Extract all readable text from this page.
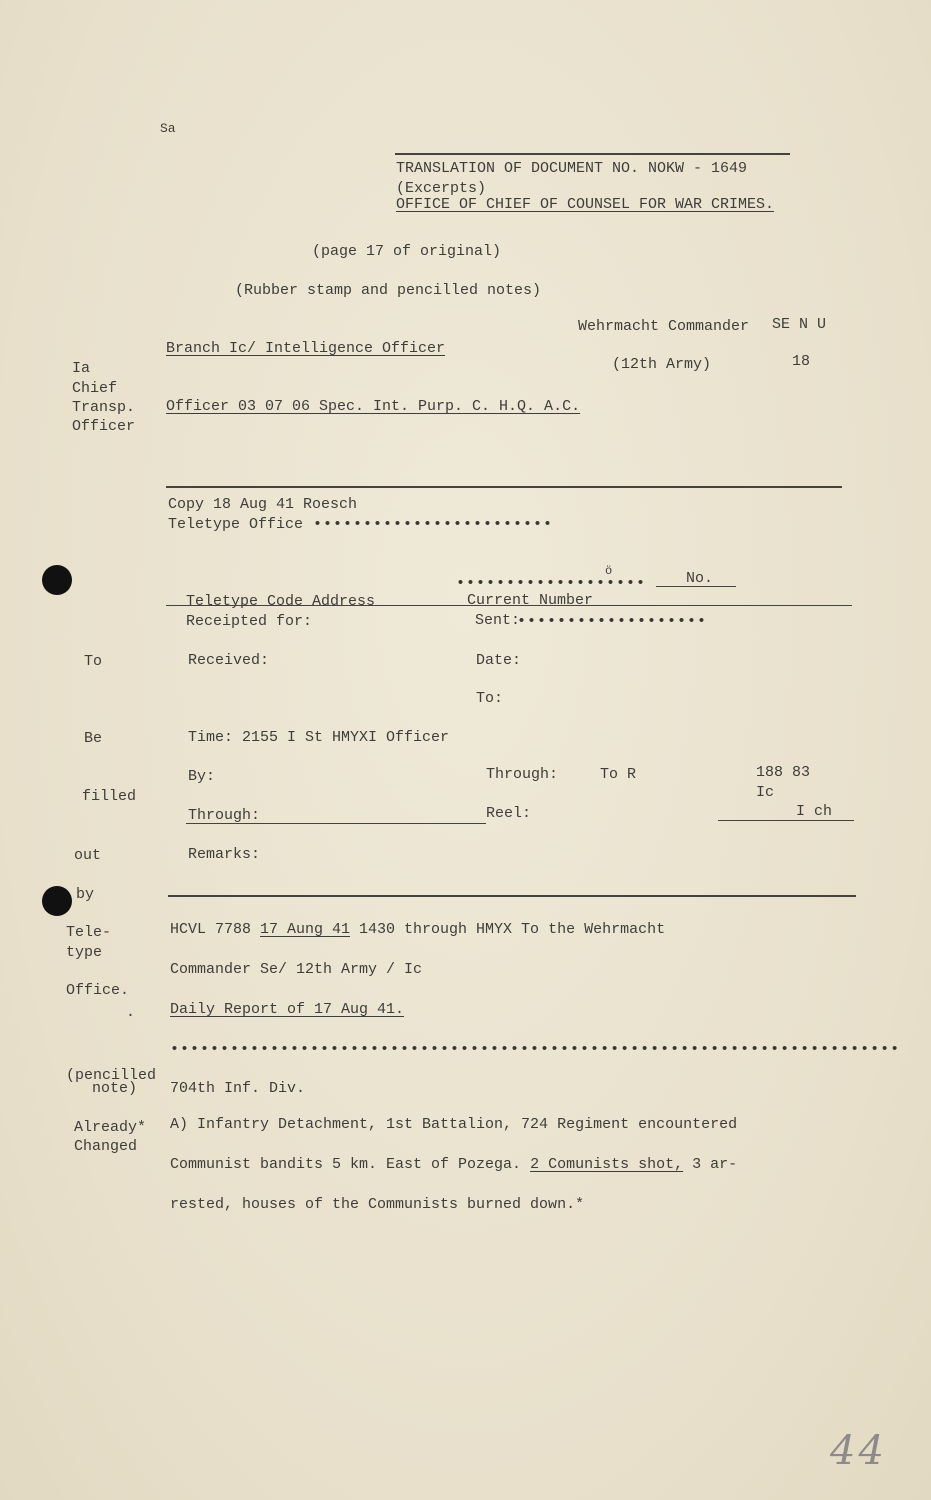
Sa
TRANSLATION OF DOCUMENT NO. NOKW - 1649
(Excerpts)
OFFICE OF CHIEF OF COUNSEL FOR WAR CRIMES.
(page 17 of original)
(Rubber stamp and pencilled notes)
Wehrmacht Commander SE N U
Branch Ic/ Intelligence Officer
(12th Army)	18
Officer 03 07 06 Spec. Int. Purp. C. H.Q. A.C.
Ia
Chief
Transp.
Officer
Copy 18 Aug 41 Roesch
Teletype Office ••••••••••••••••••••••••
ö
•••••••••••••••••••	No.
Teletype Code Address	Current Number
Receipted for:	Sent:
•••••••••••••••••••
To	Received:	Date:
To:
Be	Time: 2155 I St HMYXI Officer
By:	Through:	To R	188 83
Ic
filled
Through:	Reel:	I ch
out	Remarks:
by
Tele-
type
Office.
.
HCVL 7788 17 Aung 41 1430 through HMYX To the Wehrmacht
Commander Se/ 12th Army / Ic
Daily Report of 17 Aug 41.
•••••••••••••••••••••••••••••••••••••••••••••••••••••••••••••••••••••••••
(pencilled
note) 704th Inf. Div.
Already*
Changed
A) Infantry Detachment, 1st Battalion, 724 Regiment encountered
Communist bandits 5 km. East of Pozega. 2 Comunists shot, 3 ar-
rested, houses of the Communists burned down.*
44
